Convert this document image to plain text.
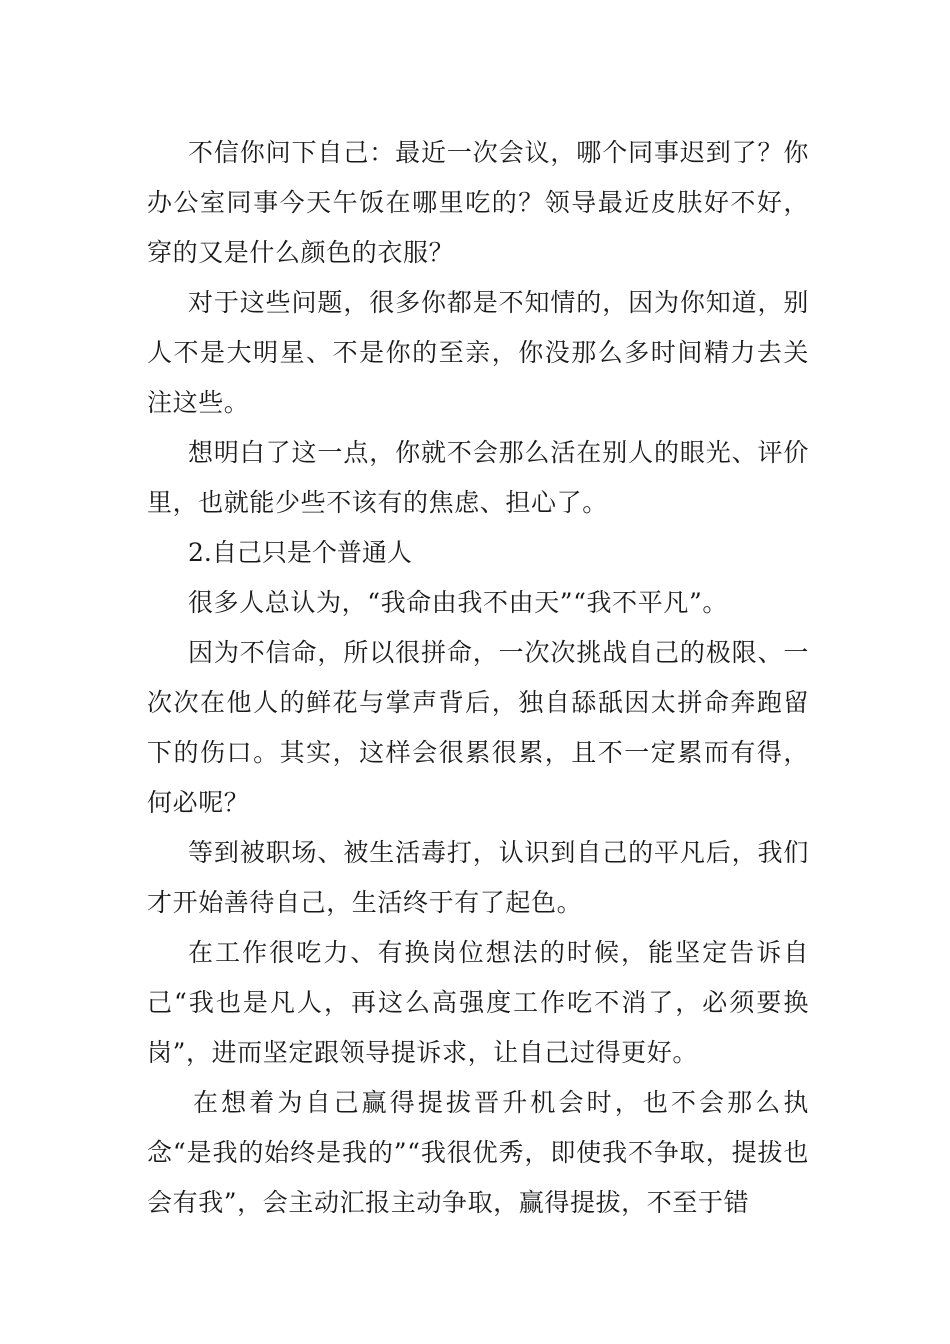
不信你问下自己：最近一次会议，哪个同事迟到了？你办公室同事今天午饭在哪里吃的？领导最近皮肤好不好，穿的又是什么颜色的衣服？

对于这些问题，很多你都是不知情的，因为你知道，别人不是大明星、不是你的至亲，你没那么多时间精力去关注这些。

想明白了这一点，你就不会那么活在别人的眼光、评价里，也就能少些不该有的焦虑、担心了。

2.自己只是个普通人

很多人总认为，“我命由我不由天”“我不平凡”。

因为不信命，所以很拼命，一次次挑战自己的极限、一次次在他人的鲜花与掌声背后，独自舔舐因太拼命奔跑留下的伤口。其实，这样会很累很累，且不一定累而有得，何必呢？

等到被职场、被生活毒打，认识到自己的平凡后，我们才开始善待自己，生活终于有了起色。

在工作很吃力、有换岗位想法的时候，能坚定告诉自己“我也是凡人，再这么高强度工作吃不消了，必须要换岗”，进而坚定跟领导提诉求，让自己过得更好。

在想着为自己赢得提拔晋升机会时，也不会那么执念“是我的始终是我的”“我很优秀，即使我不争取，提拔也会有我”，会主动汇报主动争取，赢得提拔，不至于错
